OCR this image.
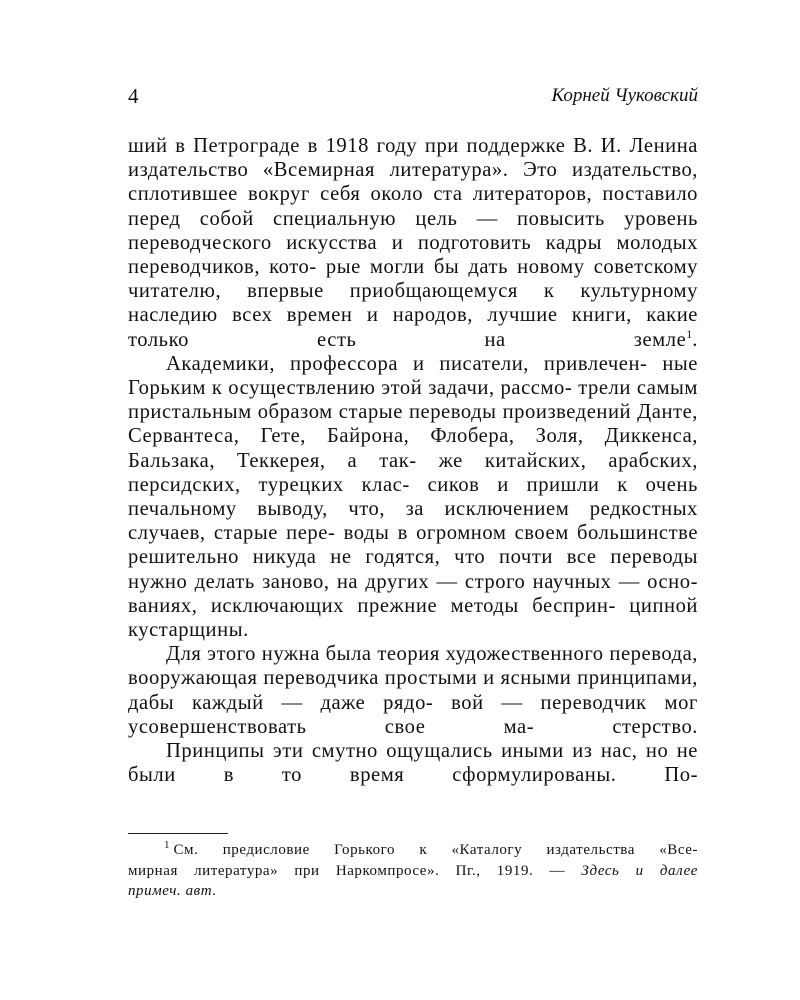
4	Корней Чуковский

ший в Петрограде в 1918 году при поддержке В. И. Ленина издательство «Всемирная литература». Это издательство, сплотившее вокруг себя около ста литераторов, поставило перед собой специальную цель — повысить уровень переводческого искусства и подготовить кадры молодых переводчиков, кото- рые могли бы дать новому советскому читателю, впервые приобщающемуся к культурному наследию всех времен и народов, лучшие книги, какие только	есть на земле$^1$.

Академики, профессора и писатели, привлечен- ные Горьким к осуществлению этой задачи, рассмо- трели самым пристальным образом старые переводы произведений Данте, Сервантеса, Гете, Байрона, Флобера, Золя, Диккенса, Бальзака, Теккерея, а так- же китайских, арабских, персидских, турецких клас- сиков и пришли к очень печальному выводу, что, за исключением редкостных случаев, старые пере- воды в огромном своем большинстве решительно никуда не годятся, что почти все переводы нужно делать заново, на других — строго научных — осно- ваниях, исключающих прежние методы бесприн- ципной кустарщины.

Для этого нужна была теория художественного перевода, вооружающая переводчика простыми и ясными принципами, дабы каждый — даже рядо- вой — переводчик мог усовершенствовать свое ма-	стерство.

Принципы эти смутно ощущались иными из нас, но не были в то время сформулированы. По-

$^1$ См. предисловие Горького к «Каталогу издательства «Все-
мирная литература» при Наркомпросе». Пг., 1919. — Здесь и далее
примеч. авт.
